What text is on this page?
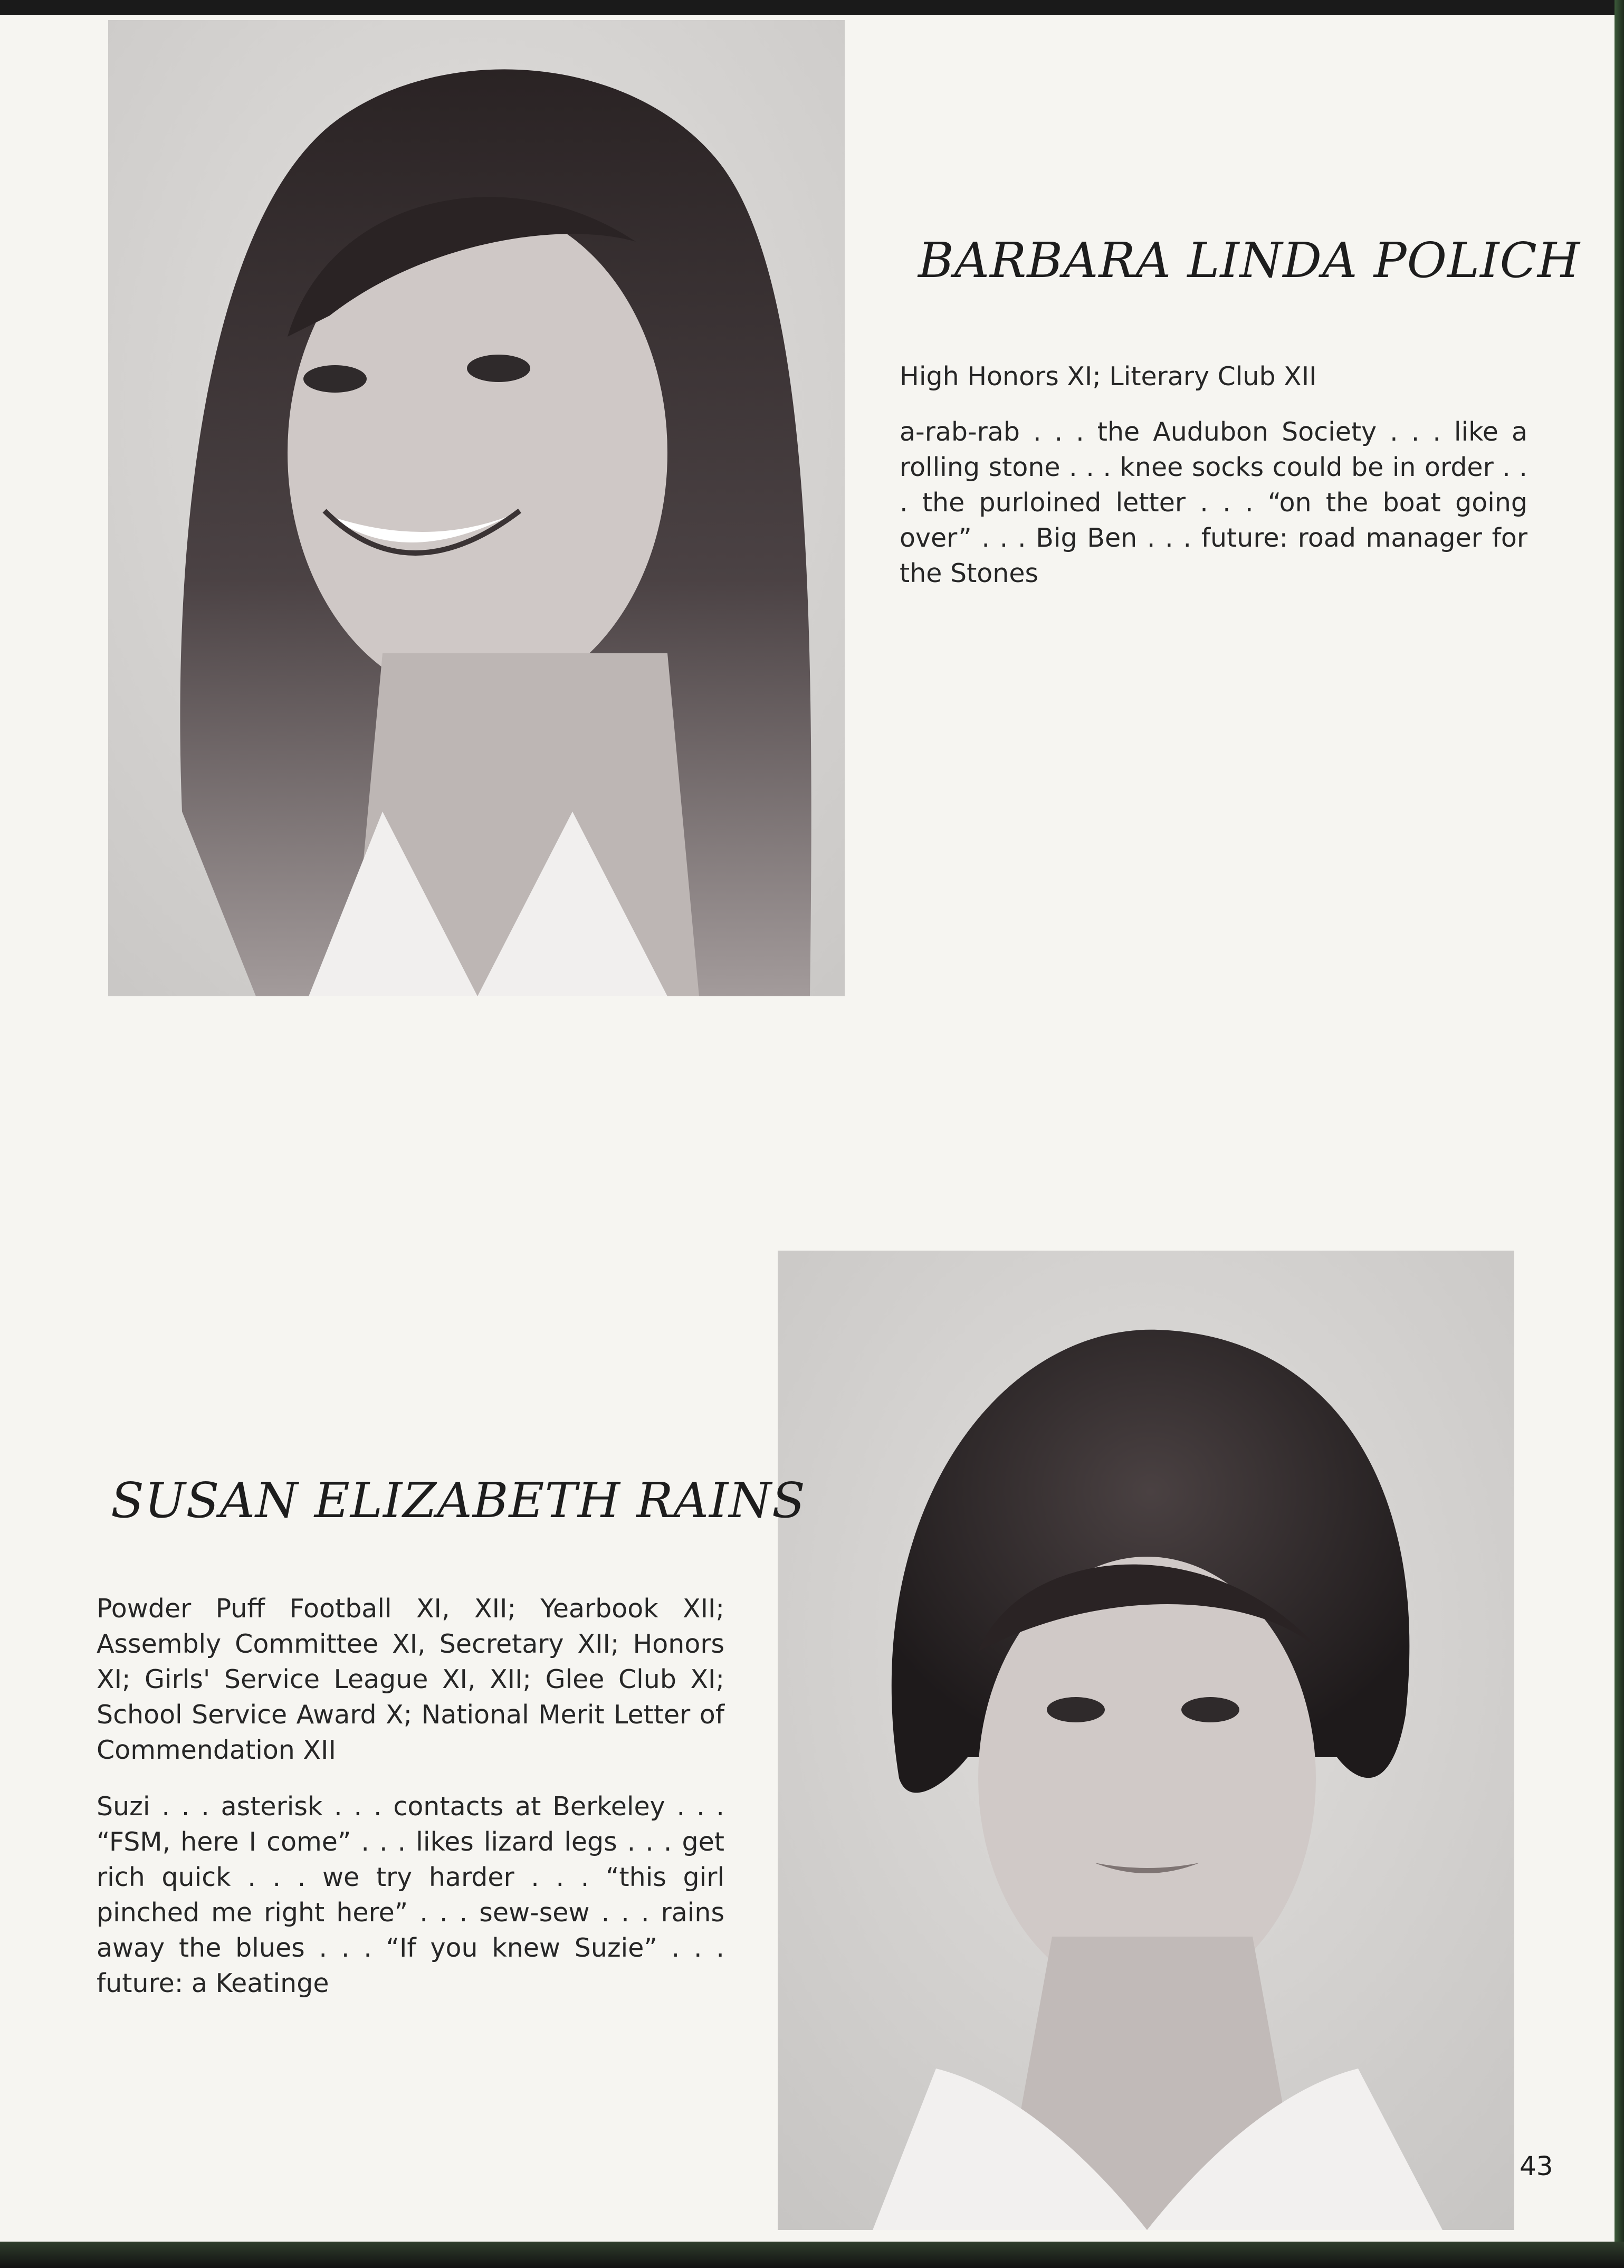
BARBARA LINDA POLICH

High Honors XI; Literary Club XII

a-rab-rab . . . the Audubon Society . . . like a rolling stone . . . knee socks could be in order . . . the purloined letter . . . “on the boat going over” . . . Big Ben . . . future: road manager for the Stones

SUSAN ELIZABETH RAINS

Powder Puff Football XI, XII; Yearbook XII; Assembly Committee XI, Secretary XII; Honors XI; Girls' Service League XI, XII; Glee Club XI; School Service Award X; National Merit Letter of Commendation XII

Suzi . . . asterisk . . . contacts at Berkeley . . . “FSM, here I come” . . . likes lizard legs . . . get rich quick . . . we try harder . . . “this girl pinched me right here” . . . sew-sew . . . rains away the blues . . . “If you knew Suzie” . . . future: a Keatinge

43
